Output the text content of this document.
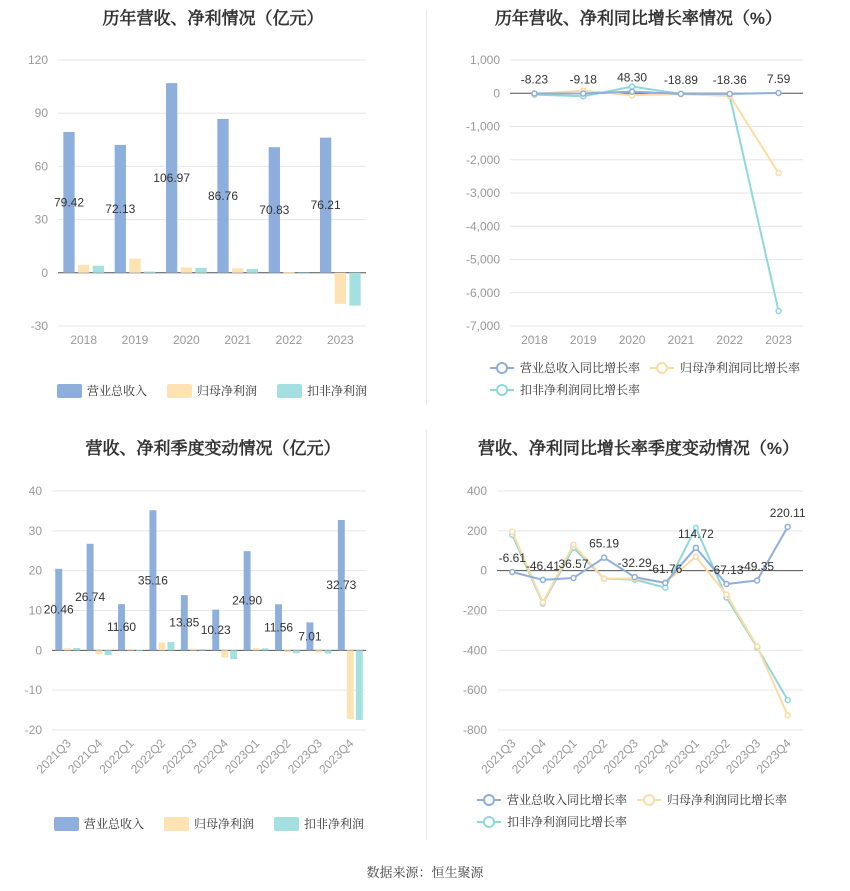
历年营收、净利情况（亿元）	历年营收、净利同比增长率情况（%）
营收、净利季度变动情况（亿元）	营收、净利同比增长率季度变动情况（%）
120
90
60
30
0
-30
2018 2019 2020 2021 2022 2023
79.42 72.13
106.97
86.76
70.83 76.21
营业总收入	归母净利润	扣非净利润
1,000
0
-1,000
-2,000
-3,000
-4,000
-5,000
-6,000
-7,000
2018 2019 2020 2021 2022 2023
-8.23 -9.18 48.30 -18.89 -18.36 7.59
营业总收入同比增长率	归母净利润同比增长率
扣非净利润同比增长率
40
30
20
10
0
-10
-20
2021Q3
2021Q4
2022Q1
2022Q2
2022Q3
2022Q4
2023Q1
2023Q2
2023Q3
2023Q4
20.46
26.74
11.60
35.16
13.85
10.23
24.90
11.56
7.01
32.73
营业总收入	归母净利润	扣非净利润
400
200
0
-200
-400
-600
-800
2021Q3
2021Q4
2022Q1
2022Q2
2022Q3
2022Q4
2023Q1
2023Q2
2023Q3
2023Q4
-6.61
-46.41
36.57
65.19
-32.29
-61.76
114.72
-67.13
-49.35
220.11
营业总收入同比增长率	归母净利润同比增长率
扣非净利润同比增长率
数据来源：恒生聚源
